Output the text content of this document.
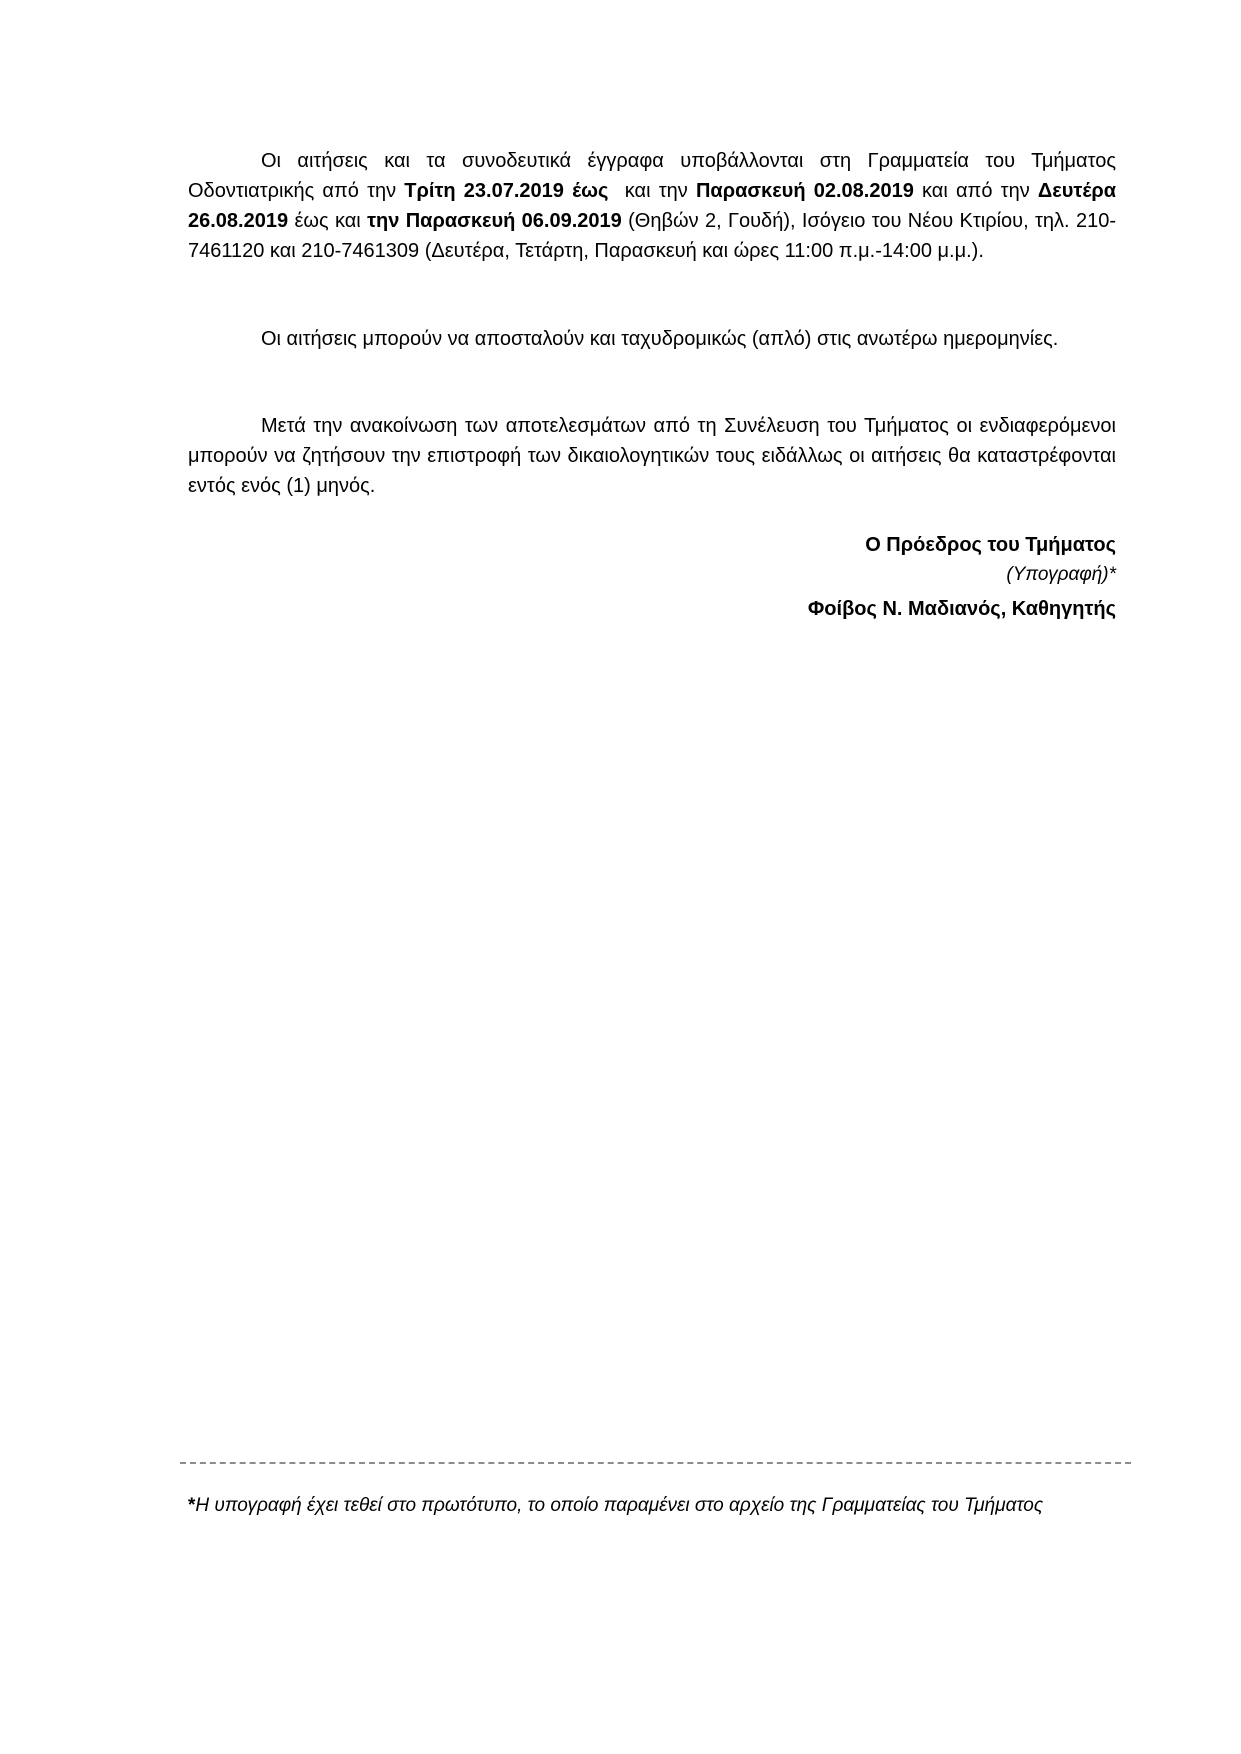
Οι αιτήσεις και τα συνοδευτικά έγγραφα υποβάλλονται στη Γραμματεία του Τμήματος Οδοντιατρικής από την Τρίτη 23.07.2019 έως  και την Παρασκευή 02.08.2019 και από την Δευτέρα 26.08.2019 έως και την Παρασκευή 06.09.2019 (Θηβών 2, Γουδή), Ισόγειο του Νέου Κτιρίου, τηλ. 210-7461120 και 210-7461309 (Δευτέρα, Τετάρτη, Παρασκευή και ώρες 11:00 π.μ.-14:00 μ.μ.).

Οι αιτήσεις μπορούν να αποσταλούν και ταχυδρομικώς (απλό) στις ανωτέρω ημερομηνίες.

Μετά την ανακοίνωση των αποτελεσμάτων από τη Συνέλευση του Τμήματος οι ενδιαφερόμενοι μπορούν να ζητήσουν την επιστροφή των δικαιολογητικών τους ειδάλλως οι αιτήσεις θα καταστρέφονται εντός ενός (1) μηνός.

Ο Πρόεδρος του Τμήματος
(Υπογραφή)*
Φοίβος Ν. Μαδιανός, Καθηγητής

*Η υπογραφή έχει τεθεί στο πρωτότυπο, το οποίο παραμένει στο αρχείο της Γραμματείας του Τμήματος
